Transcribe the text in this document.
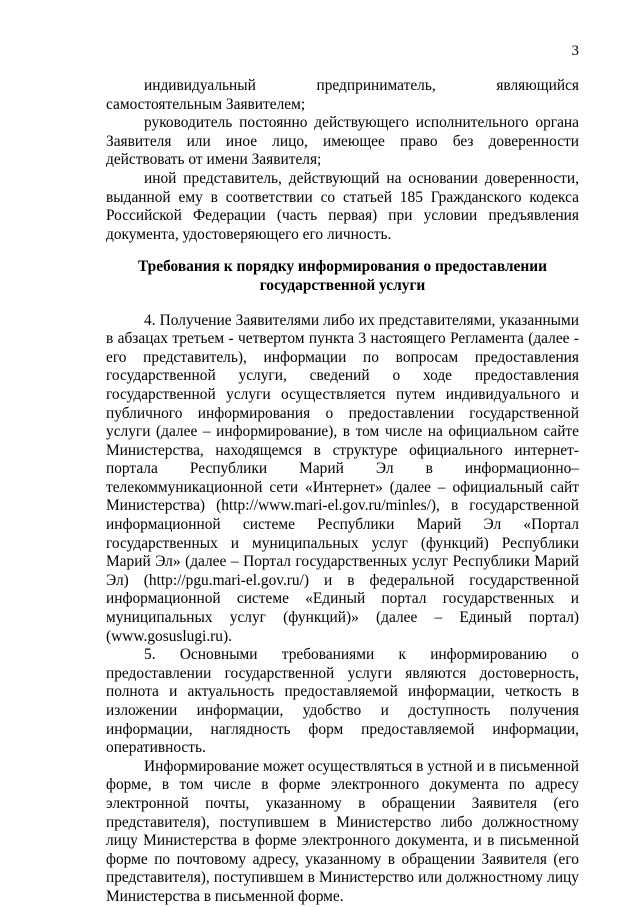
3

индивидуальный предприниматель, являющийся самостоятельным Заявителем;

руководитель постоянно действующего исполнительного органа Заявителя или иное лицо, имеющее право без доверенности действовать от имени Заявителя;

иной представитель, действующий на основании доверенности, выданной ему в соответствии со статьей 185 Гражданского кодекса Российской Федерации (часть первая) при условии предъявления документа, удостоверяющего его личность.

Требования к порядку информирования о предоставлении
государственной услуги

4. Получение Заявителями либо их представителями, указанными в абзацах третьем - четвертом пункта 3 настоящего Регламента (далее - его представитель), информации по вопросам предоставления государственной услуги, сведений о ходе предоставления государственной услуги осуществляется путем индивидуального и публичного информирования о предоставлении государственной услуги (далее – информирование), в том числе на официальном сайте Министерства, находящемся в структуре официального интернет-портала Республики Марий Эл в информационно–телекоммуникационной сети «Интернет» (далее – официальный сайт Министерства) (http://www.mari-el.gov.ru/minles/), в государственной информационной системе Республики Марий Эл «Портал государственных и муниципальных услуг (функций) Республики Марий Эл» (далее – Портал государственных услуг Республики Марий Эл) (http://pgu.mari-el.gov.ru/) и в федеральной государственной информационной системе «Единый портал государственных и муниципальных услуг (функций)» (далее – Единый портал) (www.gosuslugi.ru).

5. Основными требованиями к информированию о предоставлении государственной услуги являются достоверность, полнота и актуальность предоставляемой информации, четкость в изложении информации, удобство и доступность получения информации, наглядность форм предоставляемой информации, оперативность.

Информирование может осуществляться в устной и в письменной форме, в том числе в форме электронного документа по адресу электронной почты, указанному в обращении Заявителя (его представителя), поступившем в Министерство либо должностному лицу Министерства в форме электронного документа, и в письменной форме по почтовому адресу, указанному в обращении Заявителя (его представителя), поступившем в Министерство или должностному лицу Министерства в письменной форме.
